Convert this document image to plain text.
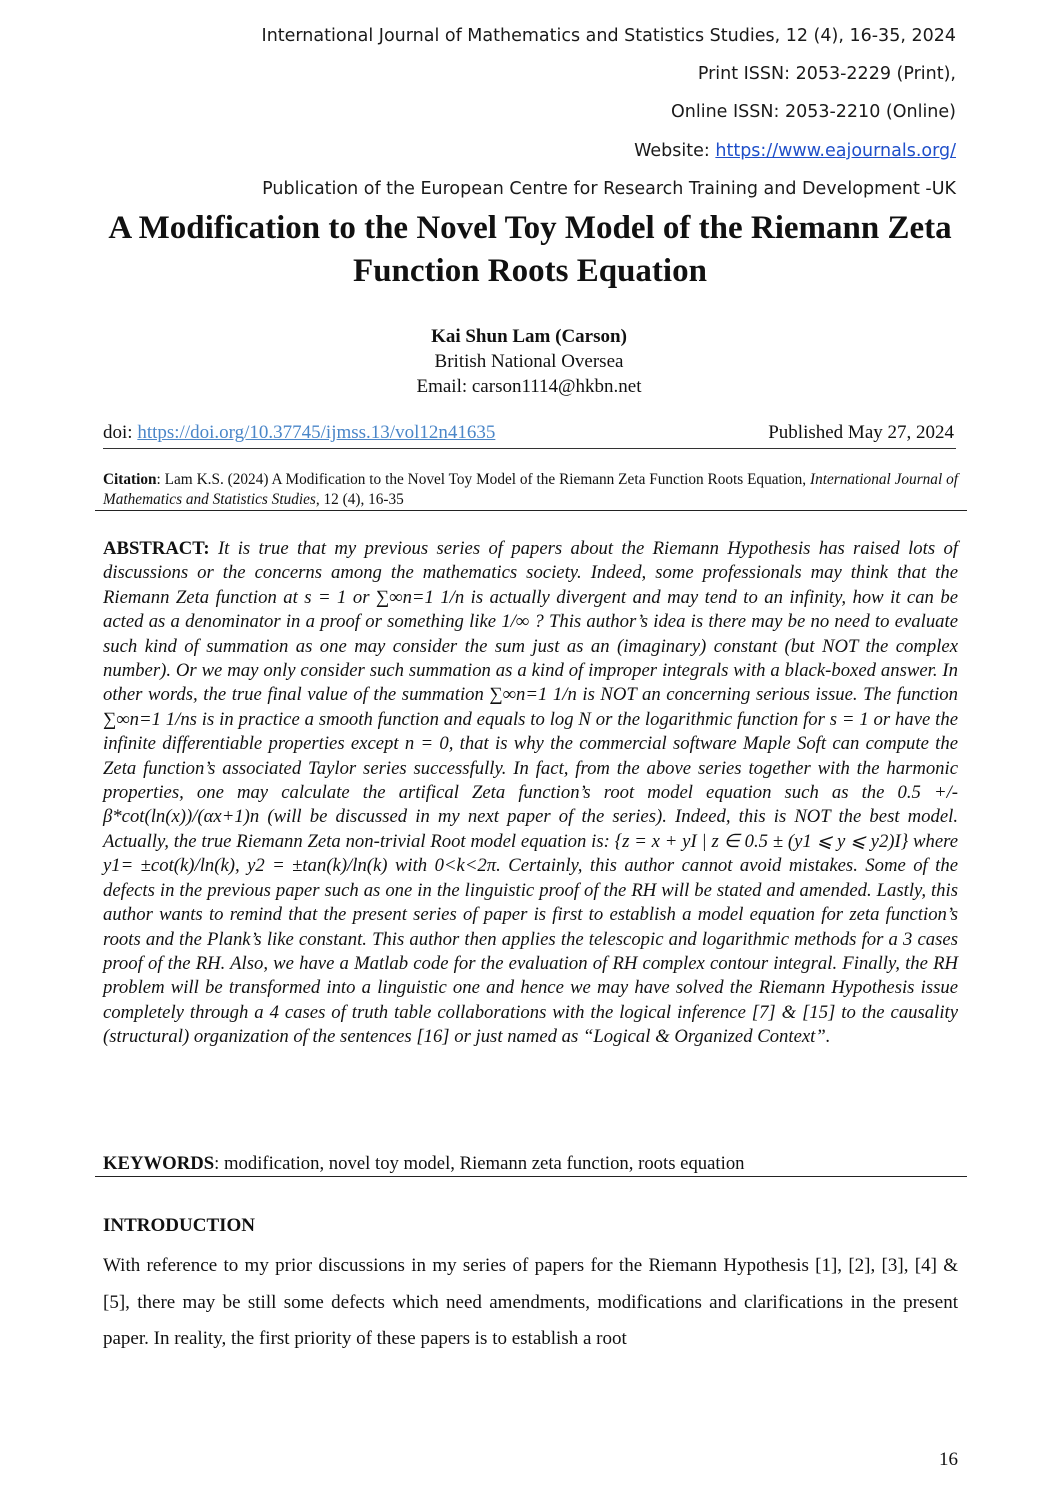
International Journal of Mathematics and Statistics Studies, 12 (4), 16-35, 2024
Print ISSN: 2053-2229 (Print),
Online ISSN: 2053-2210 (Online)
Website: https://www.eajournals.org/
Publication of the European Centre for Research Training and Development -UK
A Modification to the Novel Toy Model of the Riemann Zeta Function Roots Equation
Kai Shun Lam (Carson)
British National Oversea
Email: carson1114@hkbn.net
doi: https://doi.org/10.37745/ijmss.13/vol12n41635	Published May 27, 2024
Citation: Lam K.S. (2024) A Modification to the Novel Toy Model of the Riemann Zeta Function Roots Equation, International Journal of Mathematics and Statistics Studies, 12 (4), 16-35
ABSTRACT: It is true that my previous series of papers about the Riemann Hypothesis has raised lots of discussions or the concerns among the mathematics society. Indeed, some professionals may think that the Riemann Zeta function at s = 1 or ∑∞n=1 1/n is actually divergent and may tend to an infinity, how it can be acted as a denominator in a proof or something like 1/∞ ? This author’s idea is there may be no need to evaluate such kind of summation as one may consider the sum just as an (imaginary) constant (but NOT the complex number). Or we may only consider such summation as a kind of improper integrals with a black-boxed answer. In other words, the true final value of the summation ∑∞n=1 1/n is NOT an concerning serious issue. The function ∑∞n=1 1/ns is in practice a smooth function and equals to log N or the logarithmic function for s = 1 or have the infinite differentiable properties except n = 0, that is why the commercial software Maple Soft can compute the Zeta function’s associated Taylor series successfully. In fact, from the above series together with the harmonic properties, one may calculate the artifical Zeta function’s root model equation such as the 0.5 +/- β*cot(ln(x))/(αx+1)n (will be discussed in my next paper of the series). Indeed, this is NOT the best model. Actually, the true Riemann Zeta non-trivial Root model equation is: {z = x + yI | z ∈ 0.5 ± (y1 ⩽ y ⩽ y2)I} where y1= ±cot(k)/ln(k), y2 = ±tan(k)/ln(k) with 0<k<2π. Certainly, this author cannot avoid mistakes. Some of the defects in the previous paper such as one in the linguistic proof of the RH will be stated and amended. Lastly, this author wants to remind that the present series of paper is first to establish a model equation for zeta function’s roots and the Plank’s like constant. This author then applies the telescopic and logarithmic methods for a 3 cases proof of the RH. Also, we have a Matlab code for the evaluation of RH complex contour integral. Finally, the RH problem will be transformed into a linguistic one and hence we may have solved the Riemann Hypothesis issue completely through a 4 cases of truth table collaborations with the logical inference [7] & [15] to the causality (structural) organization of the sentences [16] or just named as “Logical & Organized Context”.
KEYWORDS: modification, novel toy model, Riemann zeta function, roots equation
INTRODUCTION
With reference to my prior discussions in my series of papers for the Riemann Hypothesis [1], [2], [3], [4] & [5], there may be still some defects which need amendments, modifications and clarifications in the present paper. In reality, the first priority of these papers is to establish a root
16
